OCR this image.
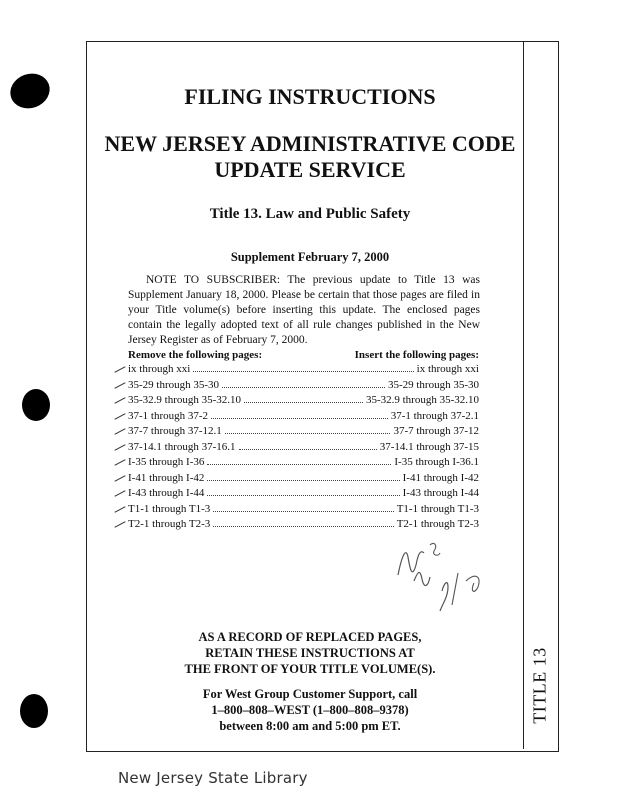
TITLE 13
FILING INSTRUCTIONS
NEW JERSEY ADMINISTRATIVE CODE
UPDATE SERVICE
Title 13. Law and Public Safety
Supplement February 7, 2000

NOTE TO SUBSCRIBER: The previous update to Title 13 was Supplement January 18, 2000. Please be certain that those pages are filed in your Title volume(s) before inserting this update. The enclosed pages contain the legally adopted text of all rule changes published in the New Jersey Register as of February 7, 2000.

Remove the following pages:	Insert the following pages:
ix through xxi	ix through xxi
35-29 through 35-30	35-29 through 35-30
35-32.9 through 35-32.10	35-32.9 through 35-32.10
37-1 through 37-2	37-1 through 37-2.1
37-7 through 37-12.1	37-7 through 37-12
37-14.1 through 37-16.1	37-14.1 through 37-15
I-35 through I-36	I-35 through I-36.1
I-41 through I-42	I-41 through I-42
I-43 through I-44	I-43 through I-44
T1-1 through T1-3	T1-1 through T1-3
T2-1 through T2-3	T2-1 through T2-3
AS A RECORD OF REPLACED PAGES,
RETAIN THESE INSTRUCTIONS AT
THE FRONT OF YOUR TITLE VOLUME(S).
For West Group Customer Support, call
1–800–808–WEST (1–800–808–9378)
between 8:00 am and 5:00 pm ET.
New Jersey State Library
